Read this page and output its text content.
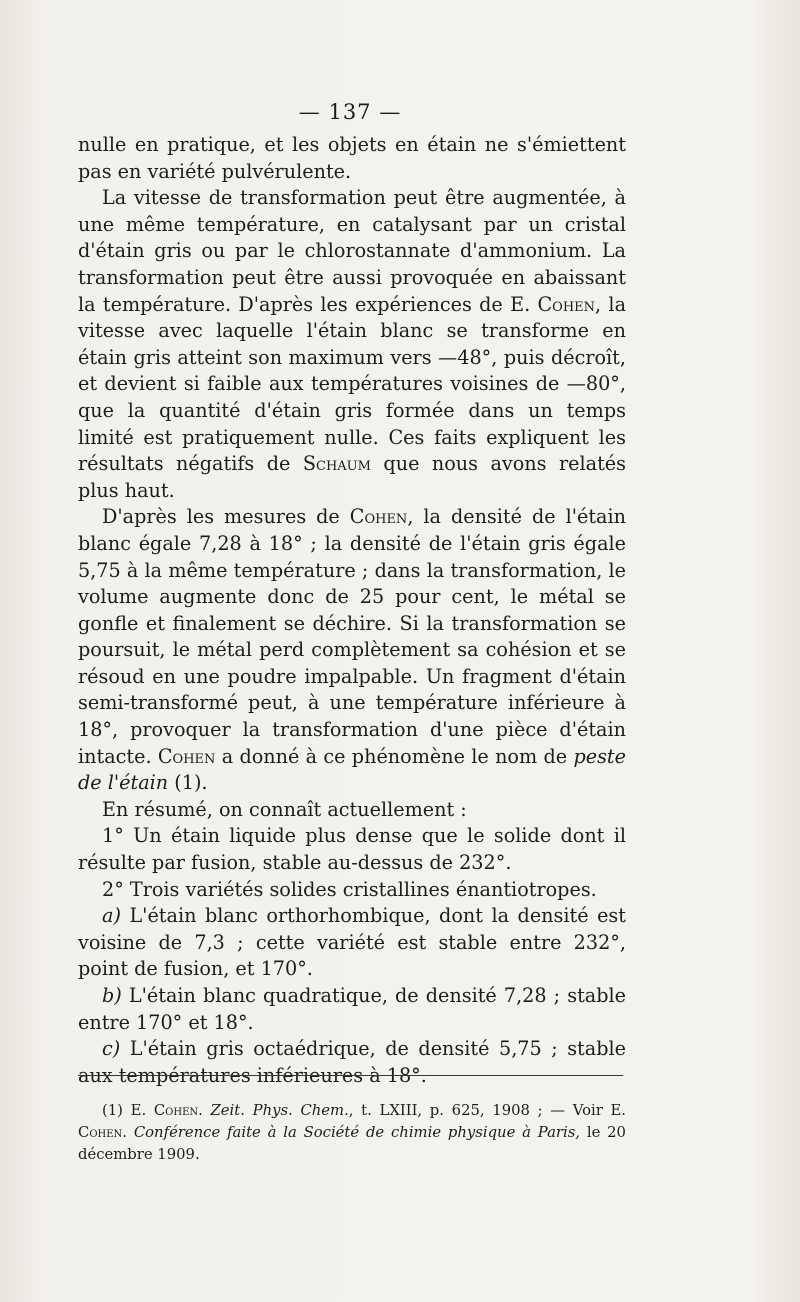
— 137 —

nulle en pratique, et les objets en étain ne s'émiettent pas en variété pulvérulente.

La vitesse de transformation peut être augmentée, à une même température, en catalysant par un cristal d'étain gris ou par le chlorostannate d'ammonium. La transformation peut être aussi provoquée en abaissant la température. D'après les expériences de E. Cohen, la vitesse avec laquelle l'étain blanc se transforme en étain gris atteint son maximum vers —48°, puis décroît, et devient si faible aux températures voisines de —80°, que la quantité d'étain gris formée dans un temps limité est pratiquement nulle. Ces faits expliquent les résultats négatifs de Schaum que nous avons relatés plus haut.

D'après les mesures de Cohen, la densité de l'étain blanc égale 7,28 à 18° ; la densité de l'étain gris égale 5,75 à la même température ; dans la transformation, le volume augmente donc de 25 pour cent, le métal se gonfle et finalement se déchire. Si la transformation se poursuit, le métal perd complètement sa cohésion et se résoud en une poudre impalpable. Un fragment d'étain semi-transformé peut, à une température inférieure à 18°, provoquer la transformation d'une pièce d'étain intacte. Cohen a donné à ce phénomène le nom de peste de l'étain (1).

En résumé, on connaît actuellement :

1° Un étain liquide plus dense que le solide dont il résulte par fusion, stable au-dessus de 232°.

2° Trois variétés solides cristallines énantiotropes.

a) L'étain blanc orthorhombique, dont la densité est voisine de 7,3 ; cette variété est stable entre 232°, point de fusion, et 170°.

b) L'étain blanc quadratique, de densité 7,28 ; stable entre 170° et 18°.

c) L'étain gris octaédrique, de densité 5,75 ; stable aux températures inférieures à 18°.

(1) E. Cohen. Zeit. Phys. Chem., t. LXIII, p. 625, 1908 ; — Voir E. Cohen. Conférence faite à la Société de chimie physique à Paris, le 20 décembre 1909.
